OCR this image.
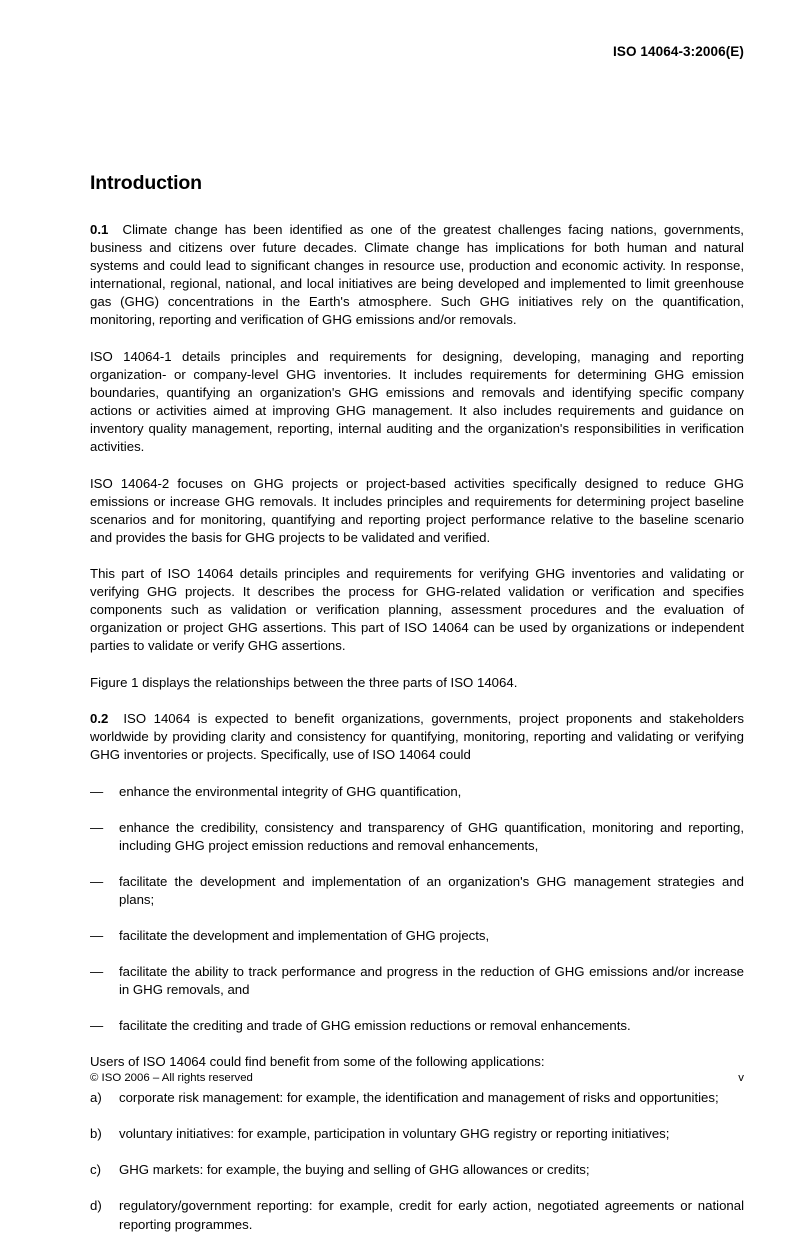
ISO 14064-3:2006(E)
Introduction

0.1 Climate change has been identified as one of the greatest challenges facing nations, governments, business and citizens over future decades. Climate change has implications for both human and natural systems and could lead to significant changes in resource use, production and economic activity. In response, international, regional, national, and local initiatives are being developed and implemented to limit greenhouse gas (GHG) concentrations in the Earth's atmosphere. Such GHG initiatives rely on the quantification, monitoring, reporting and verification of GHG emissions and/or removals.

ISO 14064-1 details principles and requirements for designing, developing, managing and reporting organization- or company-level GHG inventories. It includes requirements for determining GHG emission boundaries, quantifying an organization's GHG emissions and removals and identifying specific company actions or activities aimed at improving GHG management. It also includes requirements and guidance on inventory quality management, reporting, internal auditing and the organization's responsibilities in verification activities.

ISO 14064-2 focuses on GHG projects or project-based activities specifically designed to reduce GHG emissions or increase GHG removals. It includes principles and requirements for determining project baseline scenarios and for monitoring, quantifying and reporting project performance relative to the baseline scenario and provides the basis for GHG projects to be validated and verified.

This part of ISO 14064 details principles and requirements for verifying GHG inventories and validating or verifying GHG projects. It describes the process for GHG-related validation or verification and specifies components such as validation or verification planning, assessment procedures and the evaluation of organization or project GHG assertions. This part of ISO 14064 can be used by organizations or independent parties to validate or verify GHG assertions.

Figure 1 displays the relationships between the three parts of ISO 14064.

0.2 ISO 14064 is expected to benefit organizations, governments, project proponents and stakeholders worldwide by providing clarity and consistency for quantifying, monitoring, reporting and validating or verifying GHG inventories or projects. Specifically, use of ISO 14064 could

— enhance the environmental integrity of GHG quantification,
— enhance the credibility, consistency and transparency of GHG quantification, monitoring and reporting, including GHG project emission reductions and removal enhancements,
— facilitate the development and implementation of an organization's GHG management strategies and plans;
— facilitate the development and implementation of GHG projects,
— facilitate the ability to track performance and progress in the reduction of GHG emissions and/or increase in GHG removals, and
— facilitate the crediting and trade of GHG emission reductions or removal enhancements.

Users of ISO 14064 could find benefit from some of the following applications:

a) corporate risk management: for example, the identification and management of risks and opportunities;
b) voluntary initiatives: for example, participation in voluntary GHG registry or reporting initiatives;
c) GHG markets: for example, the buying and selling of GHG allowances or credits;
d) regulatory/government reporting: for example, credit for early action, negotiated agreements or national reporting programmes.
© ISO 2006 – All rights reserved	v
